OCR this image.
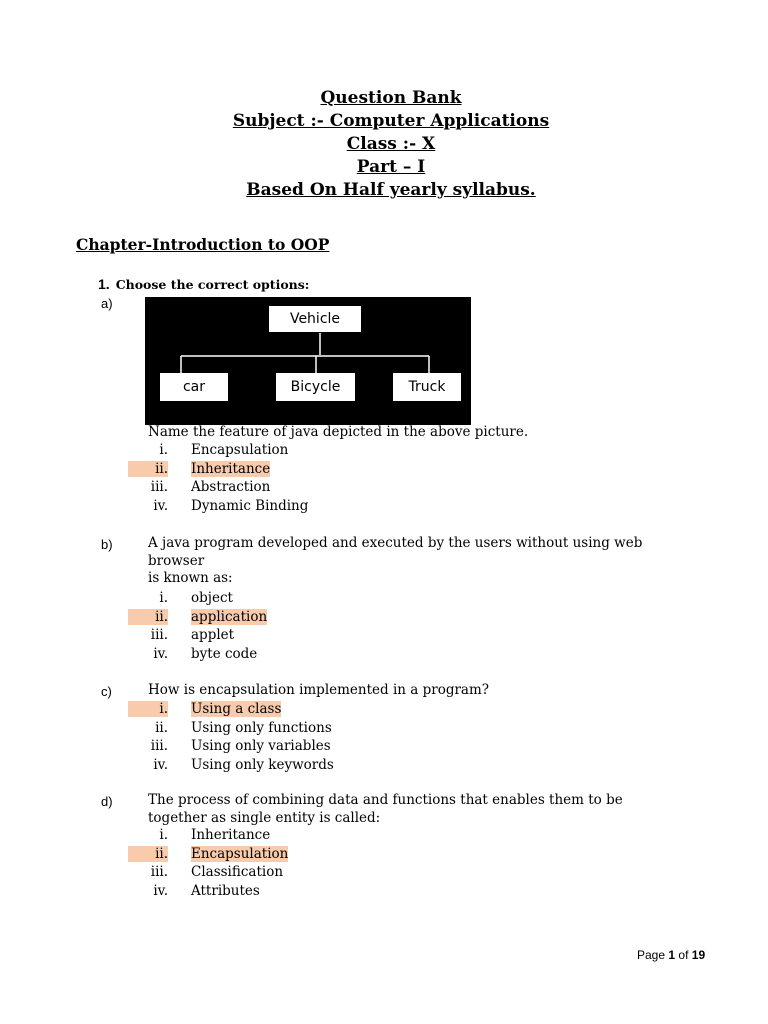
Question Bank
Subject :- Computer Applications
Class :- X
Part – I
Based On Half yearly syllabus.
Chapter-Introduction to OOP
1. Choose the correct options:
a)
Vehicle
car	Bicycle	Truck
Name the feature of java depicted in the above picture.
i. Encapsulation
ii. Inheritance
iii. Abstraction
iv. Dynamic Binding
b)	A java program developed and executed by the users without using web
browser
is known as:
i. object
ii. application
iii. applet
iv. byte code
c)	How is encapsulation implemented in a program?
i. Using a class
ii. Using only functions
iii. Using only variables
iv. Using only keywords
d)	The process of combining data and functions that enables them to be
together as single entity is called:
i. Inheritance
ii. Encapsulation
iii. Classification
iv. Attributes
Page 1 of 19
